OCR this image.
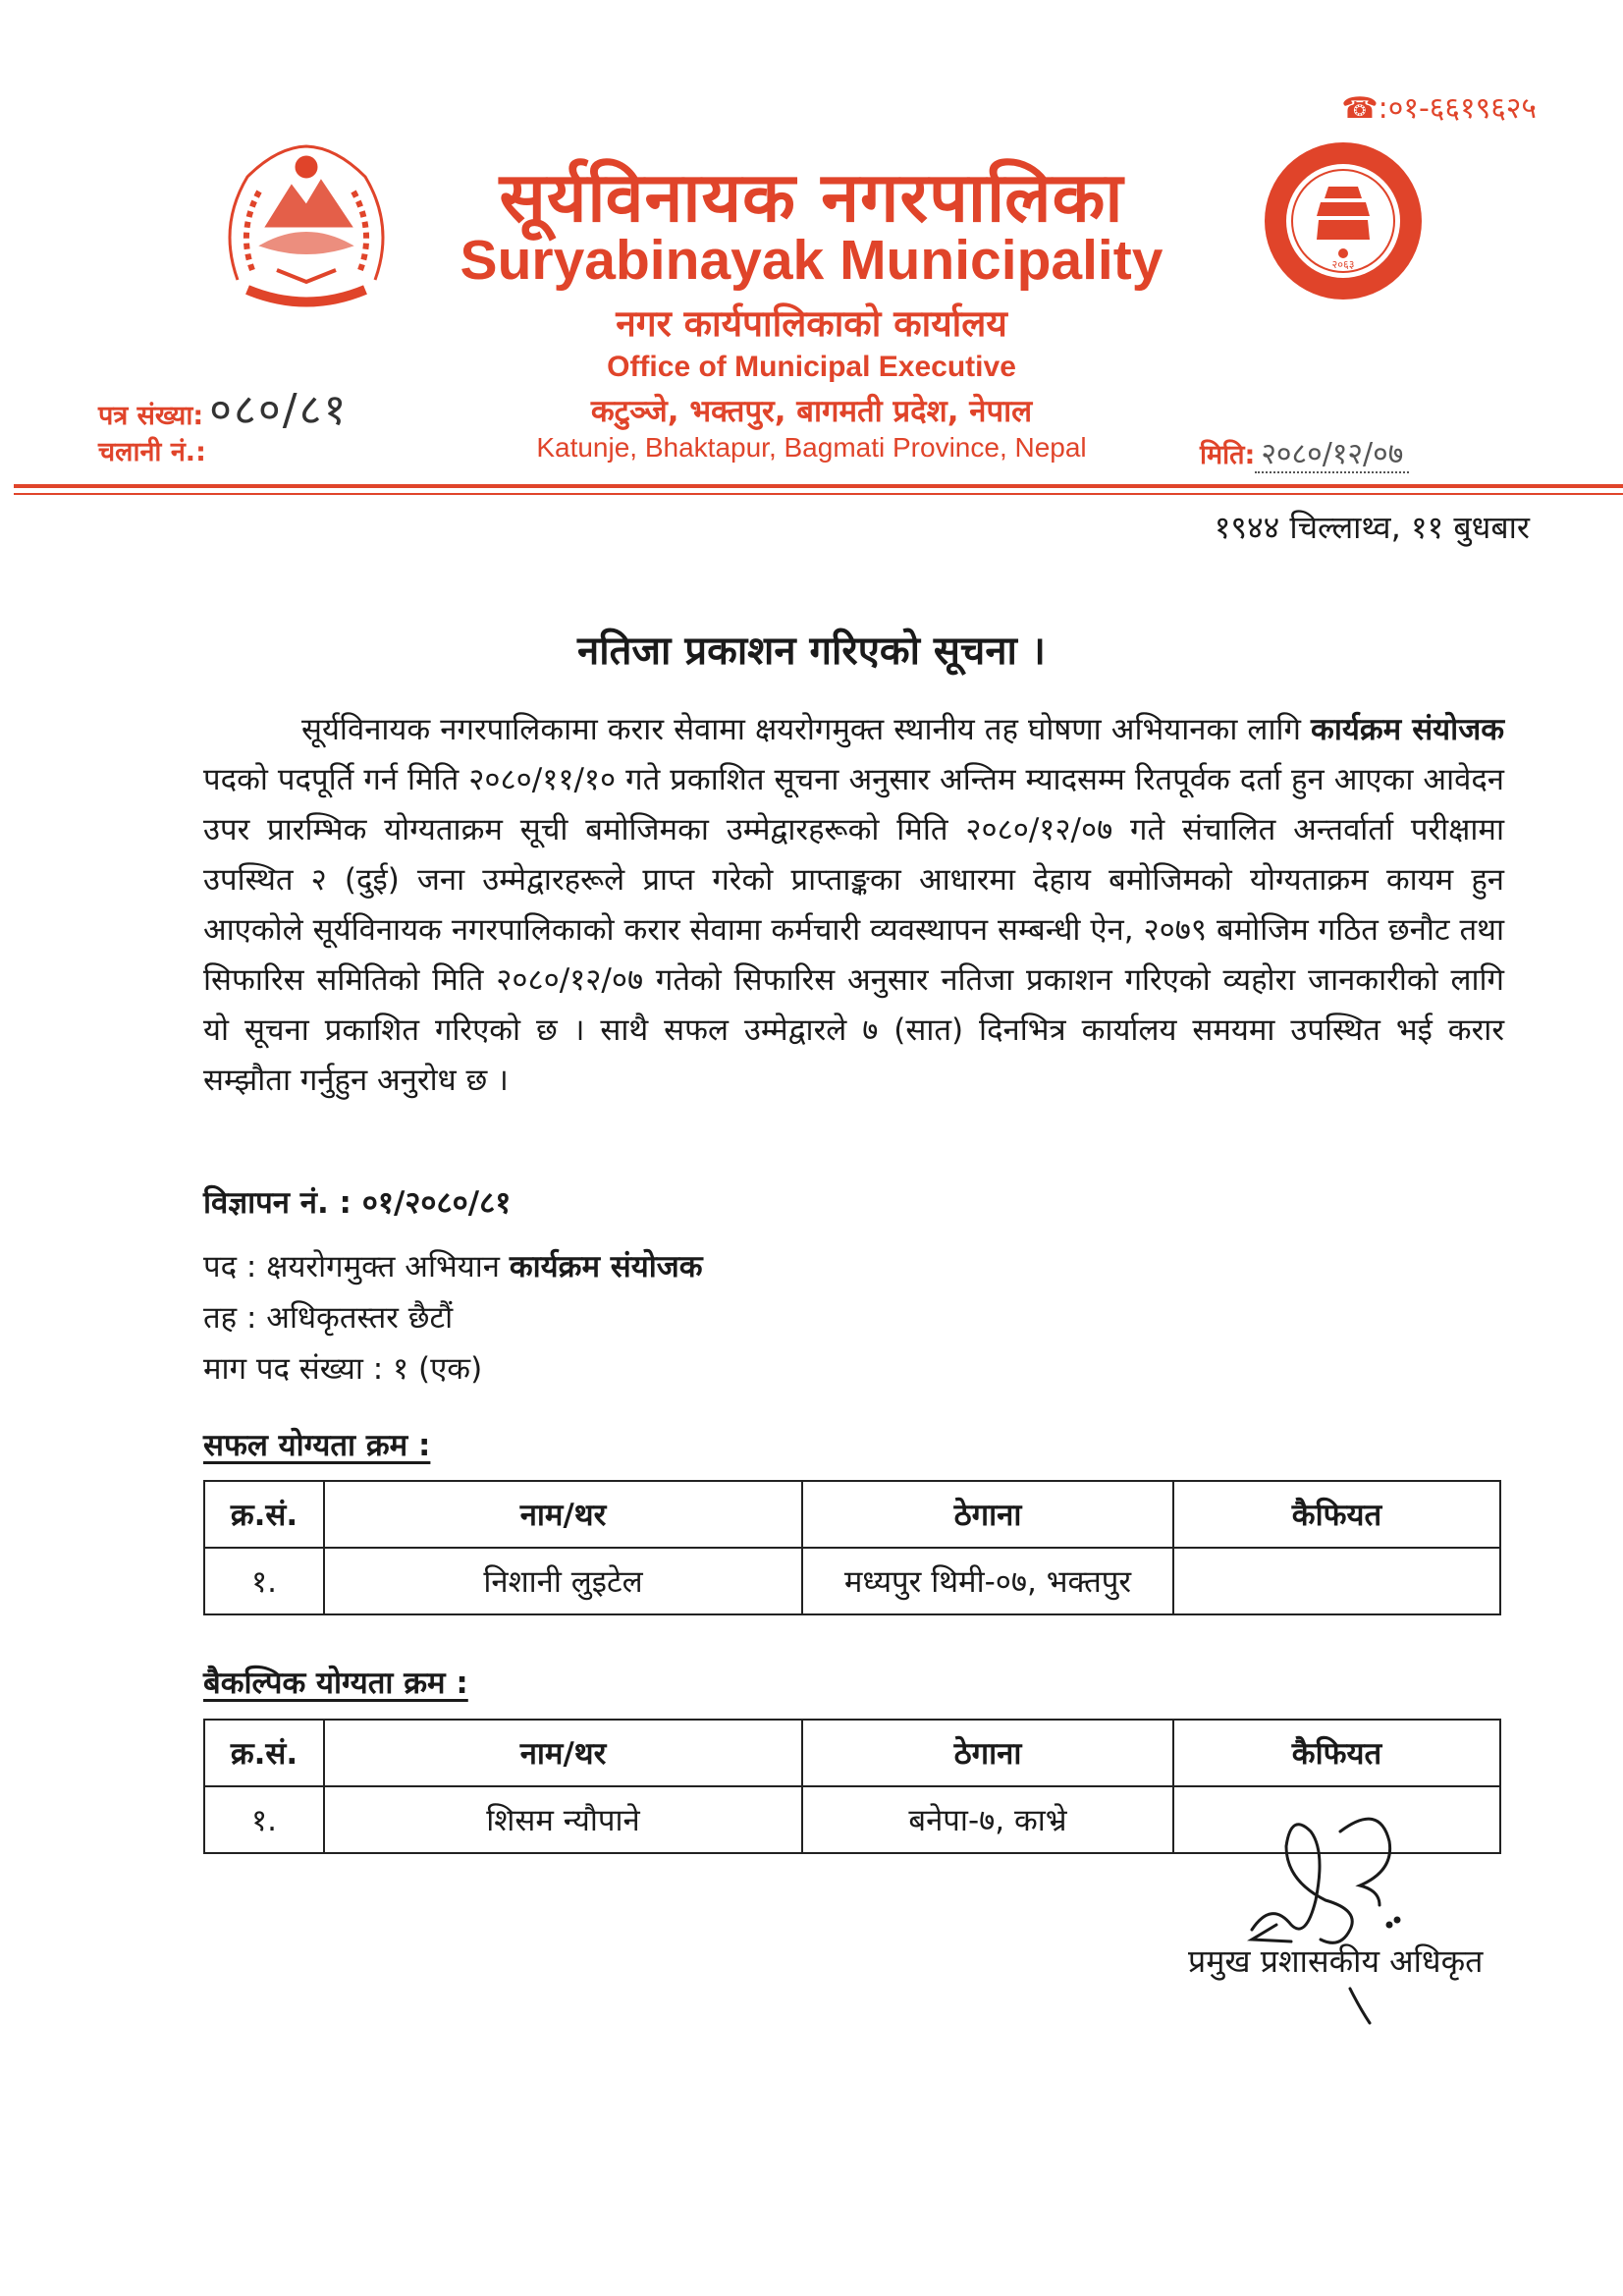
☎:०१-६६१९६२५
२०६३
सूर्यविनायक नगरपालिका
Suryabinayak Municipality
नगर कार्यपालिकाको कार्यालय
Office of Municipal Executive
कटुञ्जे, भक्तपुर, बागमती प्रदेश, नेपाल
Katunje, Bhaktapur, Bagmati Province, Nepal
पत्र संख्या: ०८०/८१
चलानी नं.:	मिति: २०८०/१२/०७
१९४४ चिल्लाथ्व, ११ बुधबार
नतिजा प्रकाशन गरिएको सूचना ।
सूर्यविनायक नगरपालिकामा करार सेवामा क्षयरोगमुक्त स्थानीय तह घोषणा अभियानका लागि कार्यक्रम संयोजक पदको पदपूर्ति गर्न मिति २०८०/११/१० गते प्रकाशित सूचना अनुसार अन्तिम म्यादसम्म रितपूर्वक दर्ता हुन आएका आवेदन उपर प्रारम्भिक योग्यताक्रम सूची बमोजिमका उम्मेद्वारहरूको मिति २०८०/१२/०७ गते संचालित अन्तर्वार्ता परीक्षामा उपस्थित २ (दुई) जना उम्मेद्वारहरूले प्राप्त गरेको प्राप्ताङ्कका आधारमा देहाय बमोजिमको योग्यताक्रम कायम हुन आएकोले सूर्यविनायक नगरपालिकाको करार सेवामा कर्मचारी व्यवस्थापन सम्बन्धी ऐन, २०७९ बमोजिम गठित छनौट तथा सिफारिस समितिको मिति २०८०/१२/०७ गतेको सिफारिस अनुसार नतिजा प्रकाशन गरिएको व्यहोरा जानकारीको लागि यो सूचना प्रकाशित गरिएको छ । साथै सफल उम्मेद्वारले ७ (सात) दिनभित्र कार्यालय समयमा उपस्थित भई करार सम्झौता गर्नुहुन अनुरोध छ ।
विज्ञापन नं. : ०१/२०८०/८१
पद : क्षयरोगमुक्त अभियान कार्यक्रम संयोजक
तह : अधिकृतस्तर छैटौं
माग पद संख्या : १ (एक)
सफल योग्यता क्रम :
क्र.सं.	नाम/थर	ठेगाना	कैफियत
१.	निशानी लुइटेल	मध्यपुर थिमी-०७, भक्तपुर	
बैकल्पिक योग्यता क्रम :
क्र.सं.	नाम/थर	ठेगाना	कैफियत
१.	शिसम न्यौपाने	बनेपा-७, काभ्रे	
प्रमुख प्रशासकीय अधिकृत
